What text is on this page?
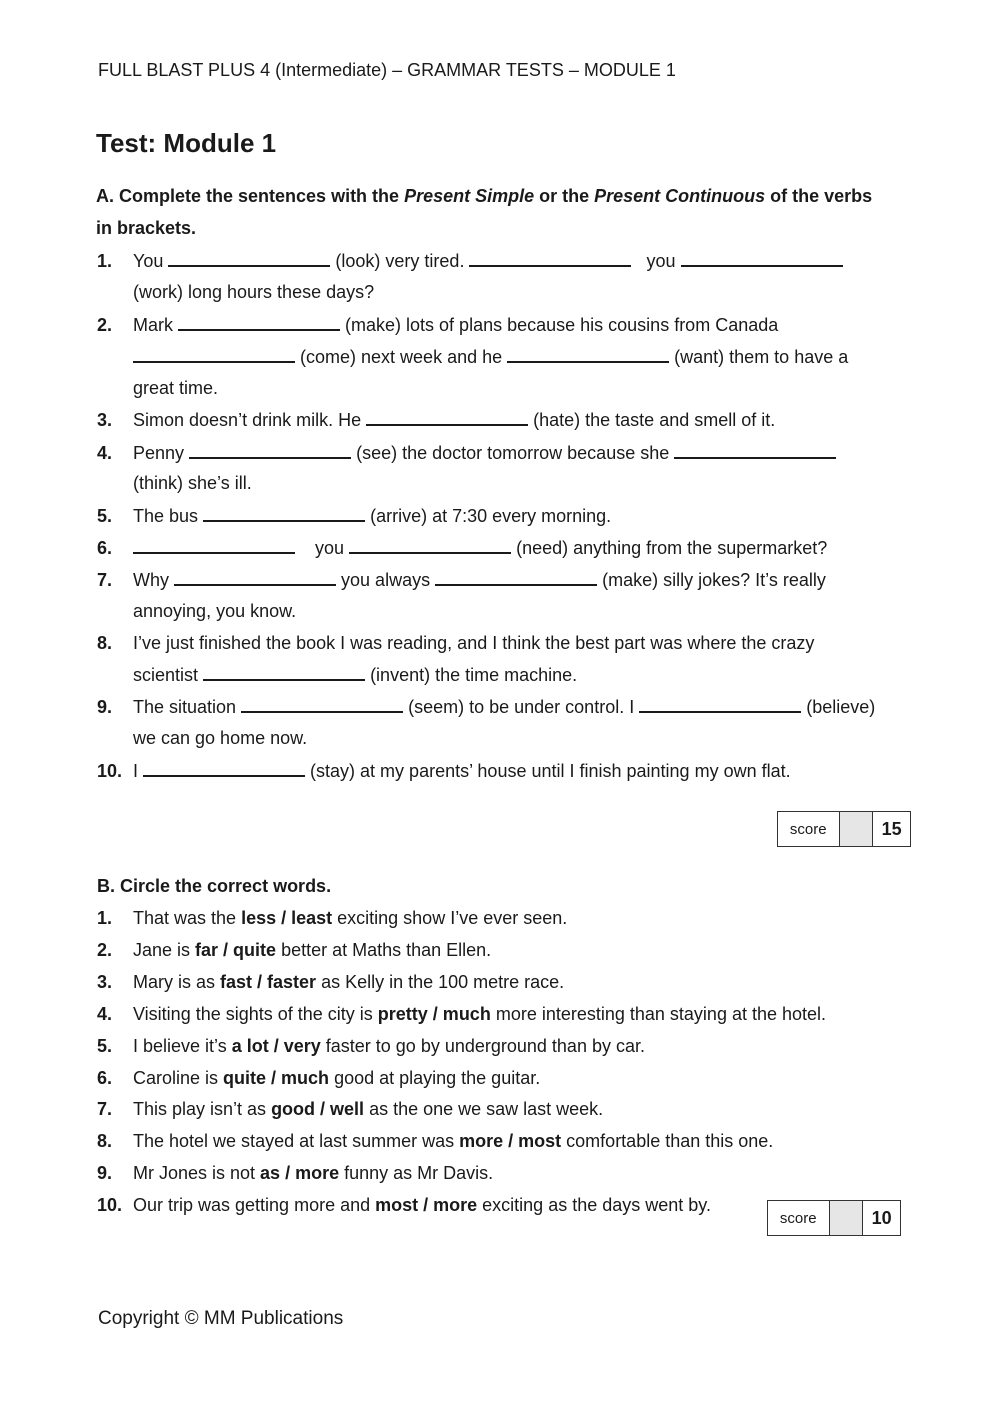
FULL BLAST PLUS 4 (Intermediate) – GRAMMAR TESTS – MODULE 1
Test: Module 1
A. Complete the sentences with the Present Simple or the Present Continuous of the verbs
in brackets.
1. You	(look) very tired.	you
(work) long hours these days?
2. Mark	(make) lots of plans because his cousins from Canada
(come) next week and he	(want) them to have a
great time.
3. Simon doesn’t drink milk. He	(hate) the taste and smell of it.
4. Penny	(see) the doctor tomorrow because she
(think) she’s ill.
5. The bus	(arrive) at 7:30 every morning.
6.	you	(need) anything from the supermarket?
7. Why	you always	(make) silly jokes? It’s really
annoying, you know.
8. I’ve just finished the book I was reading, and I think the best part was where the crazy
scientist	(invent) the time machine.
9. The situation	(seem) to be under control. I	(believe)
we can go home now.
10. I	(stay) at my parents’ house until I finish painting my own flat.
score	15
B. Circle the correct words.
1. That was the less / least exciting show I’ve ever seen.
2. Jane is far / quite better at Maths than Ellen.
3. Mary is as fast / faster as Kelly in the 100 metre race.
4. Visiting the sights of the city is pretty / much more interesting than staying at the hotel.
5. I believe it’s a lot / very faster to go by underground than by car.
6. Caroline is quite / much good at playing the guitar.
7. This play isn’t as good / well as the one we saw last week.
8. The hotel we stayed at last summer was more / most comfortable than this one.
9. Mr Jones is not as / more funny as Mr Davis.
10. Our trip was getting more and most / more exciting as the days went by.
score	10
Copyright © MM Publications
